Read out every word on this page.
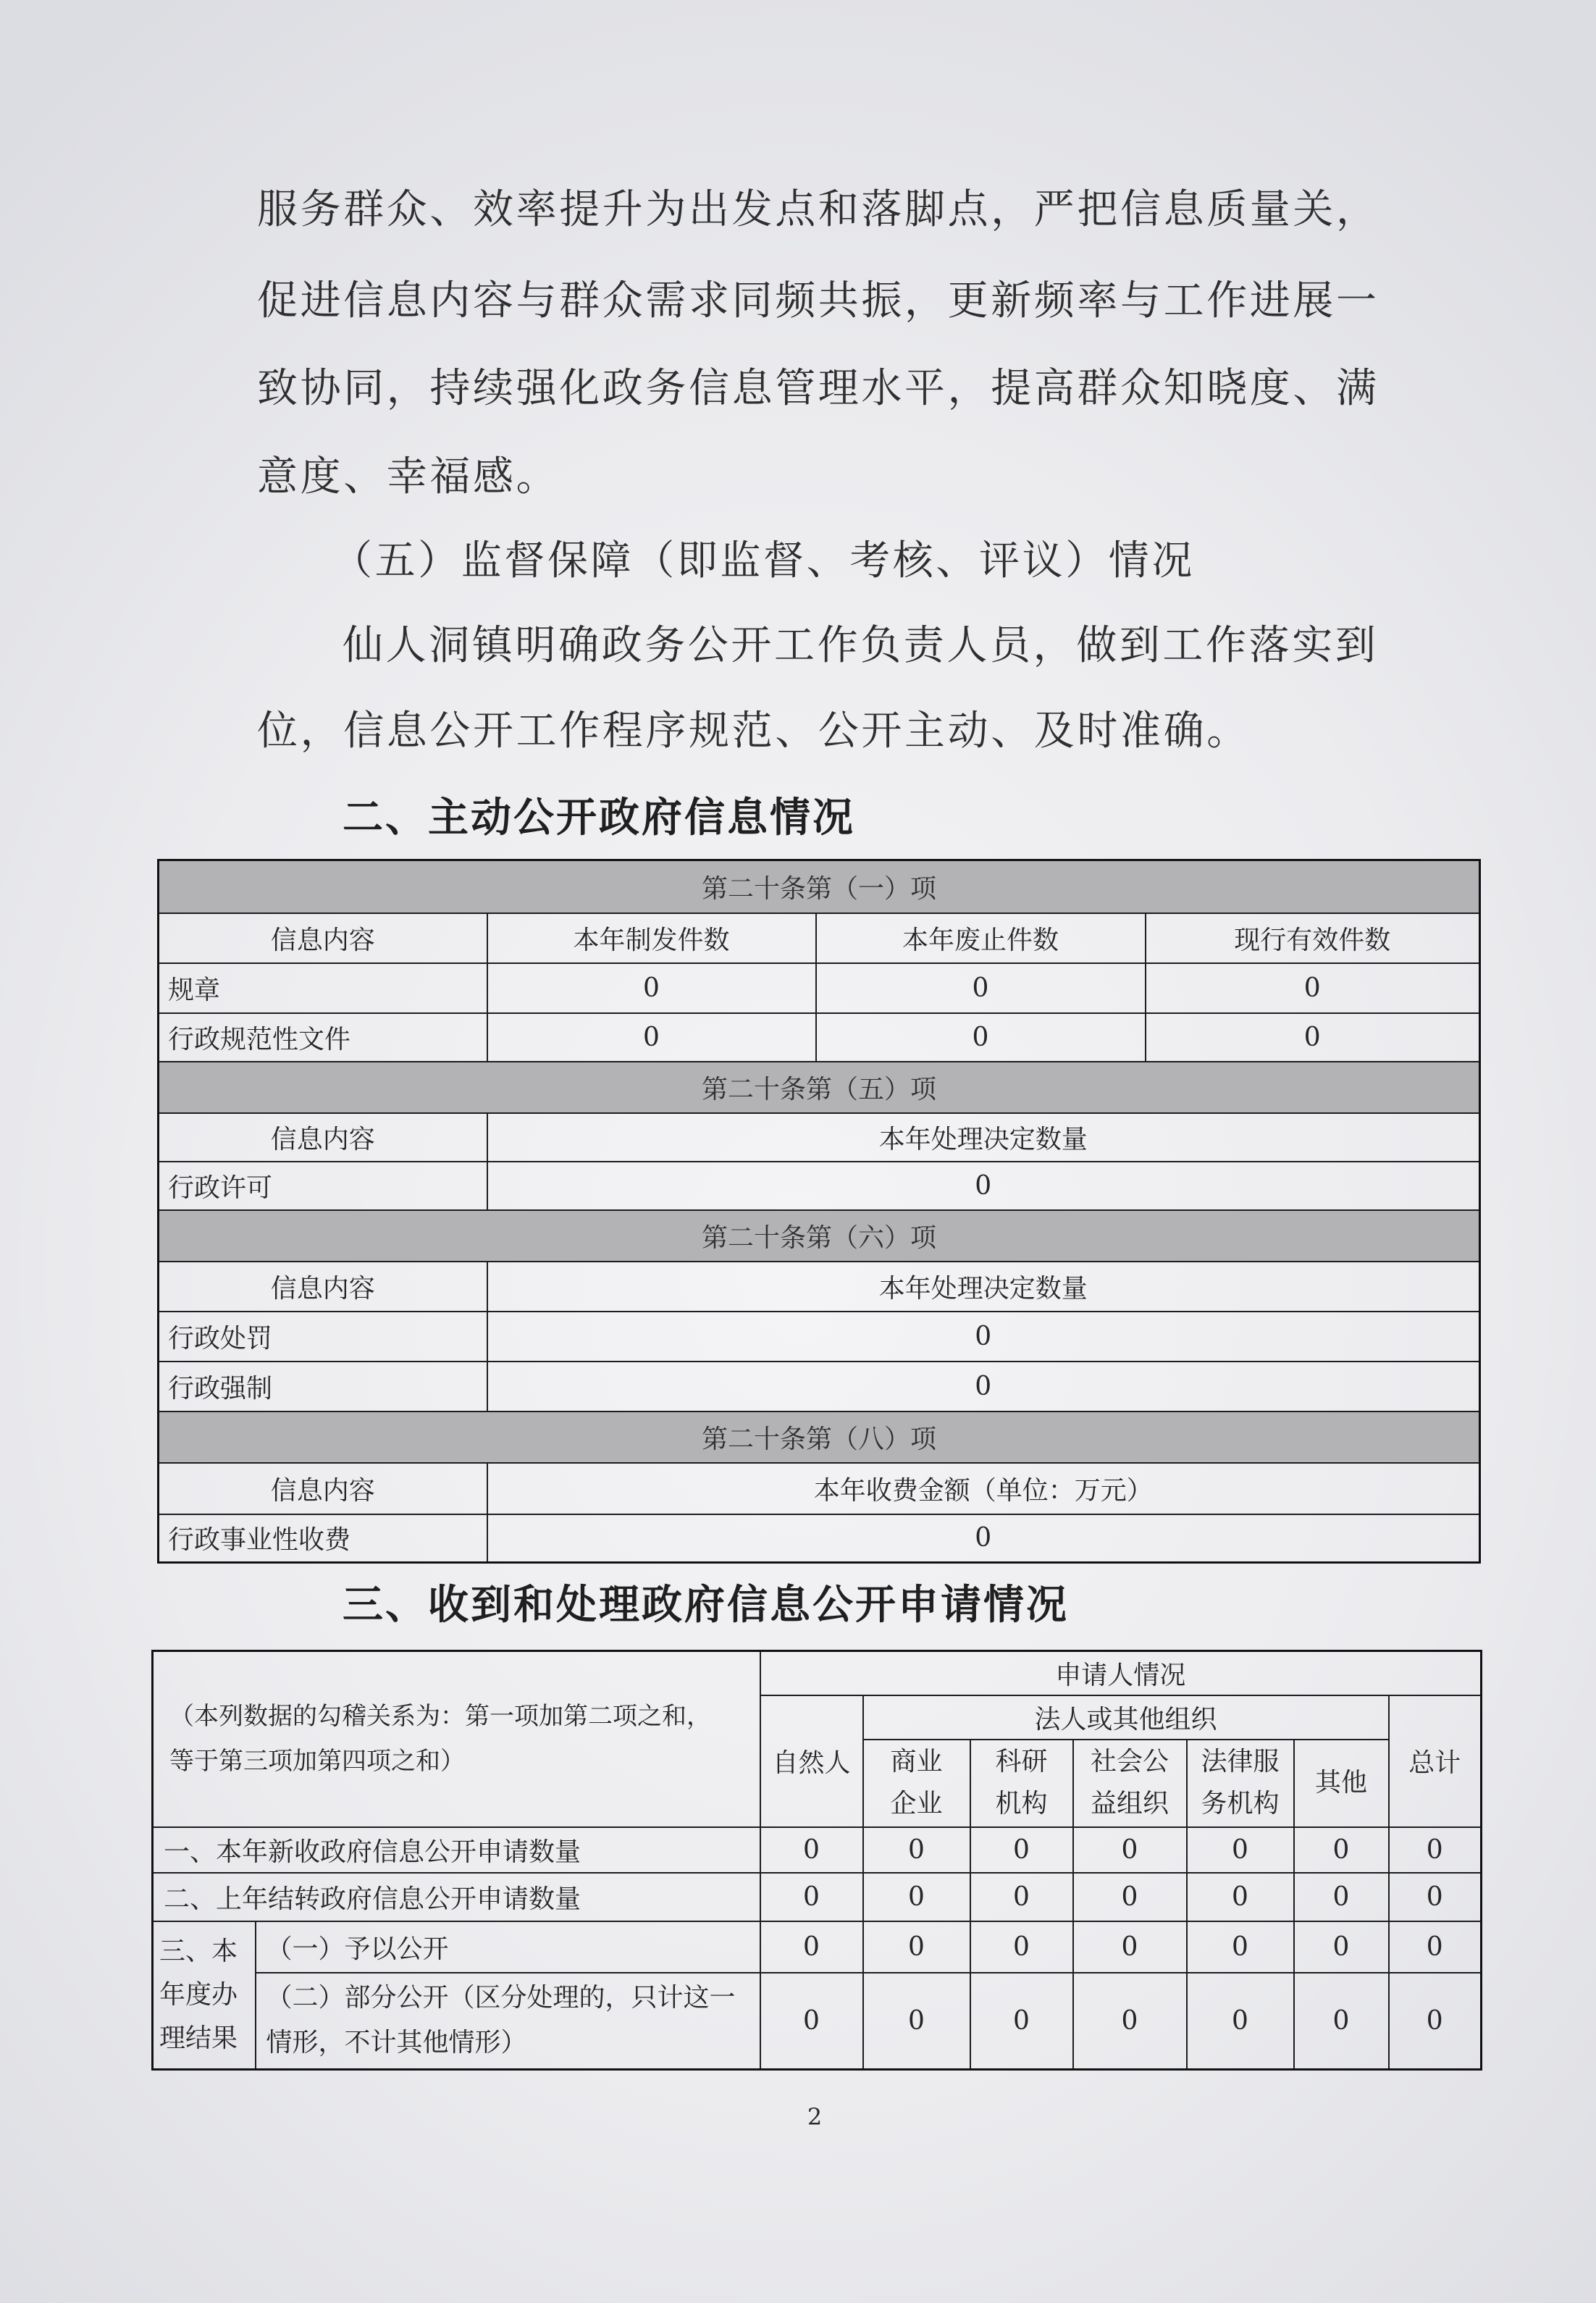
服务群众、效率提升为出发点和落脚点，严把信息质量关，
促进信息内容与群众需求同频共振，更新频率与工作进展一
致协同，持续强化政务信息管理水平，提高群众知晓度、满
意度、幸福感。
（五）监督保障（即监督、考核、评议）情况
仙人洞镇明确政务公开工作负责人员，做到工作落实到
位，信息公开工作程序规范、公开主动、及时准确。
二、主动公开政府信息情况
第二十条第（一）项			
信息内容	本年制发件数	本年废止件数	现行有效件数
规章	0	0	0
行政规范性文件	0	0	0
第二十条第（五）项			
信息内容	本年处理决定数量		
行政许可	0		
第二十条第（六）项			
信息内容	本年处理决定数量		
行政处罚	0		
行政强制	0		
第二十条第（八）项			
信息内容	本年收费金额（单位：万元）		
行政事业性收费	0		
三、收到和处理政府信息公开申请情况
（本列数据的勾稽关系为：第一项加第二项之和，
等于第三项加第四项之和）		申请人情况						
		自然人	法人或其他组织					总计
			商业企业	科研机构	社会公益组织	法律服务机构	其他	
一、本年新收政府信息公开申请数量		0	0	0	0	0	0	0
二、上年结转政府信息公开申请数量		0	0	0	0	0	0	0
三、本年度办理结果	（一）予以公开	0	0	0	0	0	0	0
	（二）部分公开（区分处理的，只计这一情形，不计其他情形）	0	0	0	0	0	0	0
2
